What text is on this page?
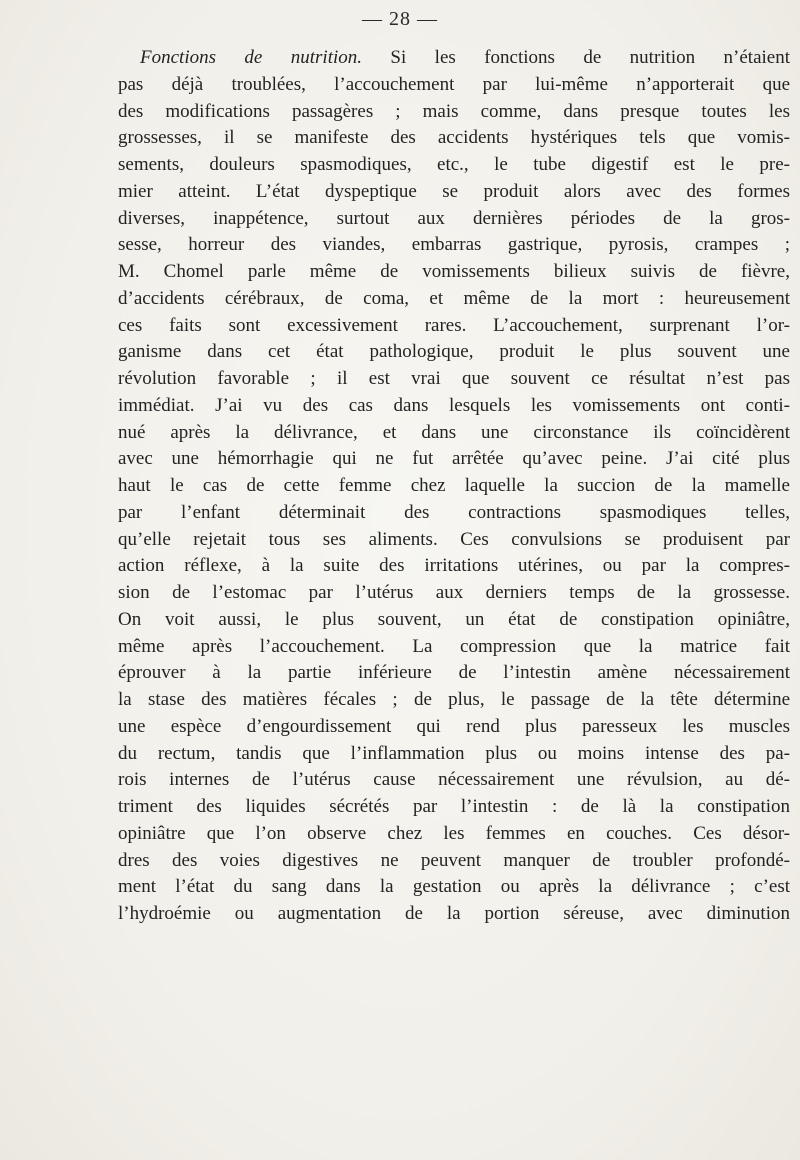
— 28 —
Fonctions de nutrition. Si les fonctions de nutrition n’étaient
pas déjà troublées, l’accouchement par lui-même n’apporterait que
des modifications passagères ; mais comme, dans presque toutes les
grossesses, il se manifeste des accidents hystériques tels que vomis-
sements, douleurs spasmodiques, etc., le tube digestif est le pre-
mier atteint. L’état dyspeptique se produit alors avec des formes
diverses, inappétence, surtout aux dernières périodes de la gros-
sesse, horreur des viandes, embarras gastrique, pyrosis, crampes ;
M. Chomel parle même de vomissements bilieux suivis de fièvre,
d’accidents cérébraux, de coma, et même de la mort : heureusement
ces faits sont excessivement rares. L’accouchement, surprenant l’or-
ganisme dans cet état pathologique, produit le plus souvent une
révolution favorable ; il est vrai que souvent ce résultat n’est pas
immédiat. J’ai vu des cas dans lesquels les vomissements ont conti-
nué après la délivrance, et dans une circonstance ils coïncidèrent
avec une hémorrhagie qui ne fut arrêtée qu’avec peine. J’ai cité plus
haut le cas de cette femme chez laquelle la succion de la mamelle
par l’enfant déterminait des contractions spasmodiques telles,
qu’elle rejetait tous ses aliments. Ces convulsions se produisent par
action réflexe, à la suite des irritations utérines, ou par la compres-
sion de l’estomac par l’utérus aux derniers temps de la grossesse.
On voit aussi, le plus souvent, un état de constipation opiniâtre,
même après l’accouchement. La compression que la matrice fait
éprouver à la partie inférieure de l’intestin amène nécessairement
la stase des matières fécales ; de plus, le passage de la tête détermine
une espèce d’engourdissement qui rend plus paresseux les muscles
du rectum, tandis que l’inflammation plus ou moins intense des pa-
rois internes de l’utérus cause nécessairement une révulsion, au dé-
triment des liquides sécrétés par l’intestin : de là la constipation
opiniâtre que l’on observe chez les femmes en couches. Ces désor-
dres des voies digestives ne peuvent manquer de troubler profondé-
ment l’état du sang dans la gestation ou après la délivrance ; c’est
l’hydroémie ou augmentation de la portion séreuse, avec diminution
